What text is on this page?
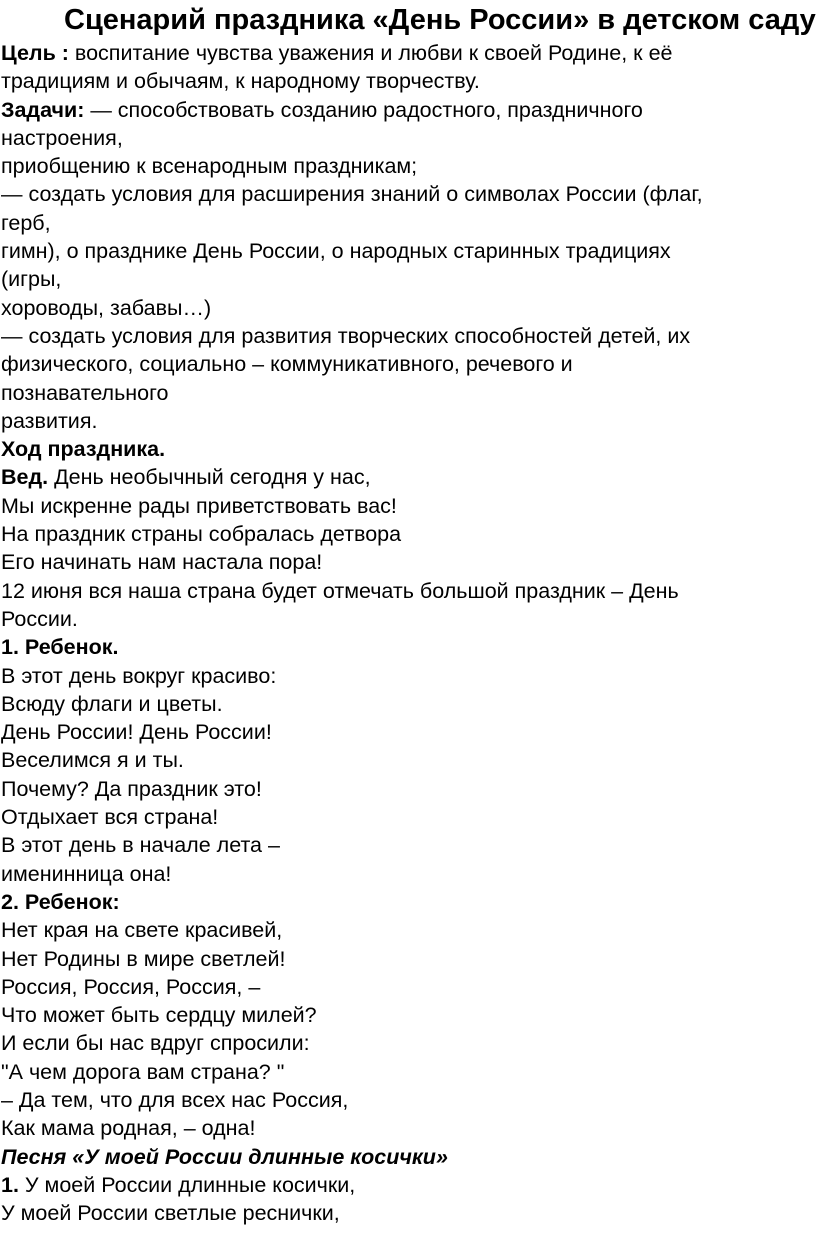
Сценарий праздника «День России» в детском саду
Цель : воспитание чувства уважения и любви к своей Родине, к её
традициям и обычаям, к народному творчеству.
Задачи: — способствовать созданию радостного, праздничного
настроения,
приобщению к всенародным праздникам;
— создать условия для расширения знаний о символах России (флаг,
герб,
гимн), о празднике День России, о народных старинных традициях
(игры,
хороводы, забавы…)
— создать условия для развития творческих способностей детей, их
физического, социально – коммуникативного, речевого и
познавательного
развития.
Ход праздника.
Вед. День необычный сегодня у нас,
Мы искренне рады приветствовать вас!
На праздник страны собралась детвора
Его начинать нам настала пора!
12 июня вся наша страна будет отмечать большой праздник – День
России.
1. Ребенок.
В этот день вокруг красиво:
Всюду флаги и цветы.
День России! День России!
Веселимся я и ты.
Почему? Да праздник это!
Отдыхает вся страна!
В этот день в начале лета –
именинница она!
2. Ребенок:
Нет края на свете красивей,
Нет Родины в мире светлей!
Россия, Россия, Россия, –
Что может быть сердцу милей?
И если бы нас вдруг спросили:
"А чем дорога вам страна? "
– Да тем, что для всех нас Россия,
Как мама родная, – одна!
Песня «У моей России длинные косички»
1. У моей России длинные косички,
У моей России светлые реснички,
